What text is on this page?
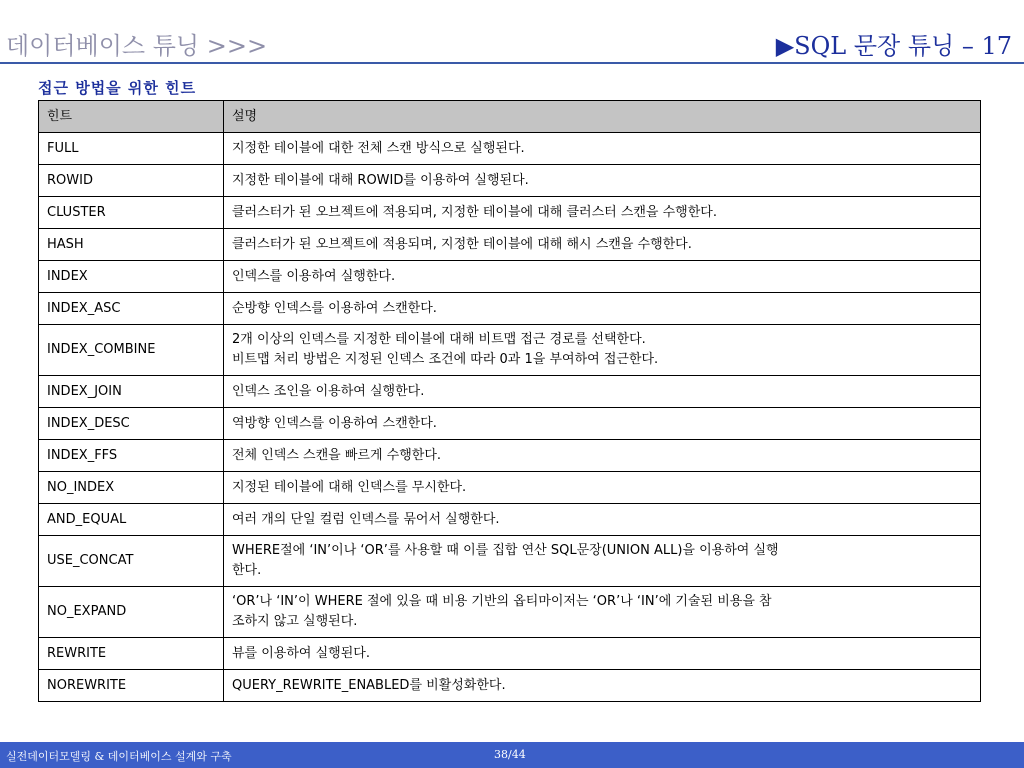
데이터베이스 튜닝 >>>	▶SQL 문장 튜닝 – 17
접근 방법을 위한 힌트
힌트	설명
FULL	지정한 테이블에 대한 전체 스캔 방식으로 실행된다.

ROWID	지정한 테이블에 대해 ROWID를 이용하여 실행된다.

CLUSTER	클러스터가 된 오브젝트에 적용되며, 지정한 테이블에 대해 클러스터 스캔을 수행한다.

HASH	클러스터가 된 오브젝트에 적용되며, 지정한 테이블에 대해 해시 스캔을 수행한다.

INDEX	인덱스를 이용하여 실행한다.

INDEX_ASC	순방향 인덱스를 이용하여 스캔한다.

INDEX_COMBINE	2개 이상의 인덱스를 지정한 테이블에 대해 비트맵 접근 경로를 선택한다.
비트맵 처리 방법은 지정된 인덱스 조건에 따라 0과 1을 부여하여 접근한다.

INDEX_JOIN	인덱스 조인을 이용하여 실행한다.

INDEX_DESC	역방향 인덱스를 이용하여 스캔한다.

INDEX_FFS	전체 인덱스 스캔을 빠르게 수행한다.

NO_INDEX	지정된 테이블에 대해 인덱스를 무시한다.

AND_EQUAL	여러 개의 단일 컬럼 인덱스를 묶어서 실행한다.

USE_CONCAT	WHERE절에 ‘IN’이나 ‘OR’를 사용할 때 이를 집합 연산 SQL문장(UNION ALL)을 이용하여 실행
한다.

NO_EXPAND	‘OR’나 ‘IN’이 WHERE 절에 있을 때 비용 기반의 옵티마이저는 ‘OR’나 ‘IN’에 기술된 비용을 참
조하지 않고 실행된다.

REWRITE	뷰를 이용하여 실행된다.

NOREWRITE	QUERY_REWRITE_ENABLED를 비활성화한다.
실전데이터모델링 & 데이터베이스 설계와 구축	38/44
